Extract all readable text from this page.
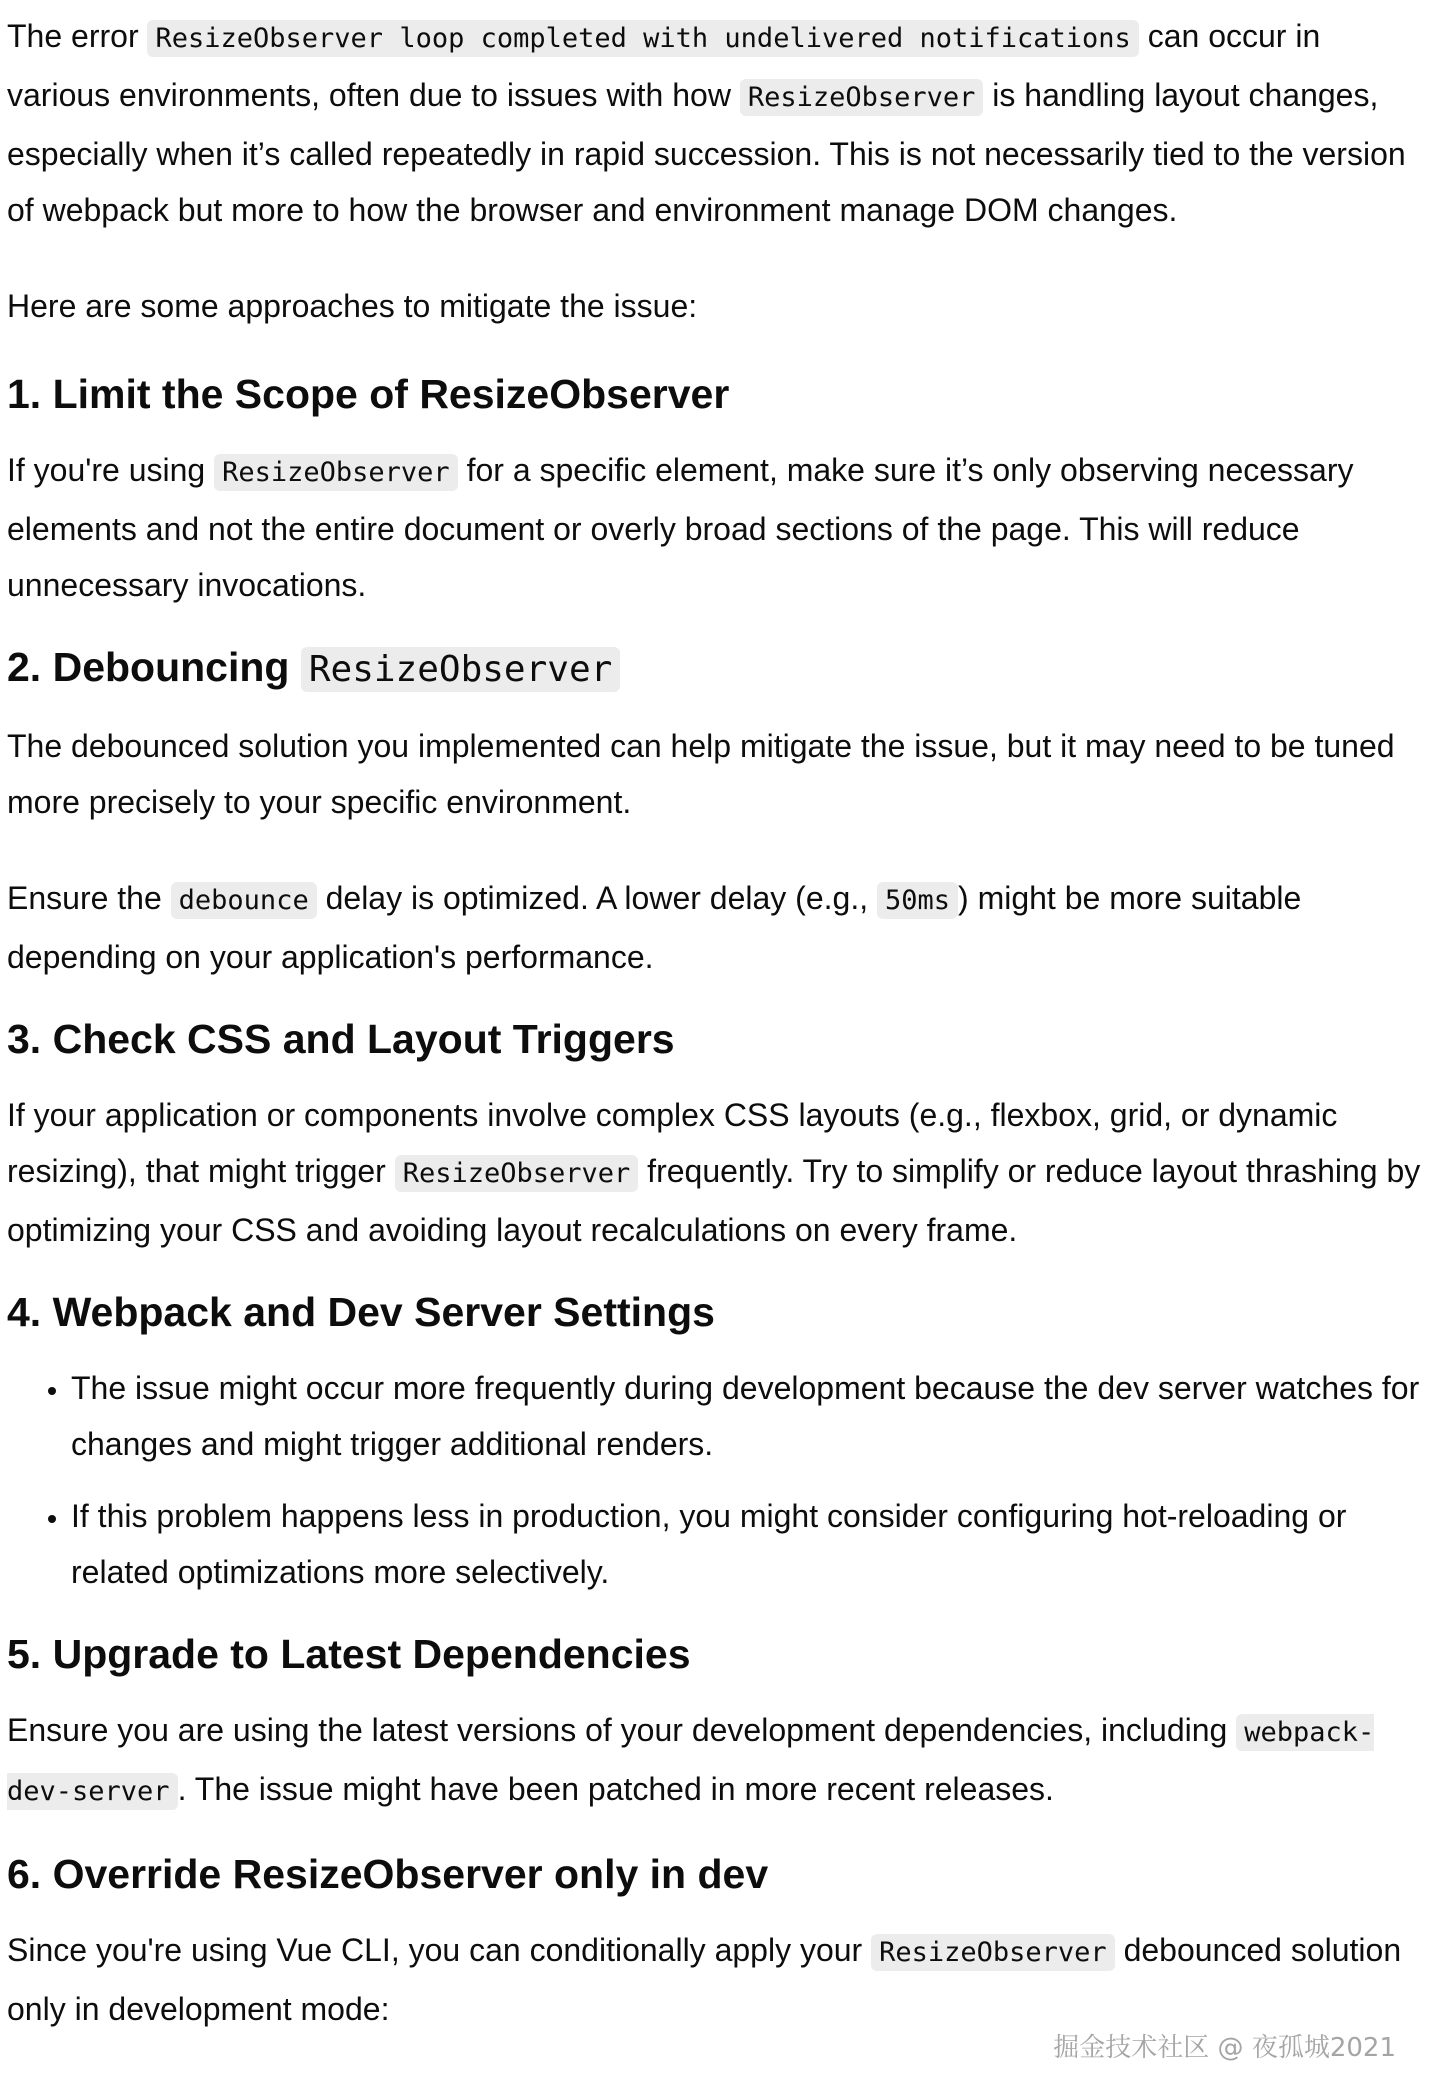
The error ResizeObserver loop completed with undelivered notifications can occur in various environments, often due to issues with how ResizeObserver is handling layout changes, especially when it’s called repeatedly in rapid succession. This is not necessarily tied to the version of webpack but more to how the browser and environment manage DOM changes.

Here are some approaches to mitigate the issue:

1. Limit the Scope of ResizeObserver

If you're using ResizeObserver for a specific element, make sure it’s only observing necessary elements and not the entire document or overly broad sections of the page. This will reduce unnecessary invocations.

2. Debouncing ResizeObserver

The debounced solution you implemented can help mitigate the issue, but it may need to be tuned more precisely to your specific environment.

Ensure the debounce delay is optimized. A lower delay (e.g., 50ms ) might be more suitable depending on your application's performance.

3. Check CSS and Layout Triggers

If your application or components involve complex CSS layouts (e.g., flexbox, grid, or dynamic resizing), that might trigger ResizeObserver frequently. Try to simplify or reduce layout thrashing by optimizing your CSS and avoiding layout recalculations on every frame.

4. Webpack and Dev Server Settings
• The issue might occur more frequently during development because the dev server watches for changes and might trigger additional renders.
• If this problem happens less in production, you might consider configuring hot-reloading or related optimizations more selectively.
5. Upgrade to Latest Dependencies

Ensure you are using the latest versions of your development dependencies, including webpack-dev-server . The issue might have been patched in more recent releases.

6. Override ResizeObserver only in dev

Since you're using Vue CLI, you can conditionally apply your ResizeObserver debounced solution only in development mode:

掘金技术社区 @ 夜孤城2021
